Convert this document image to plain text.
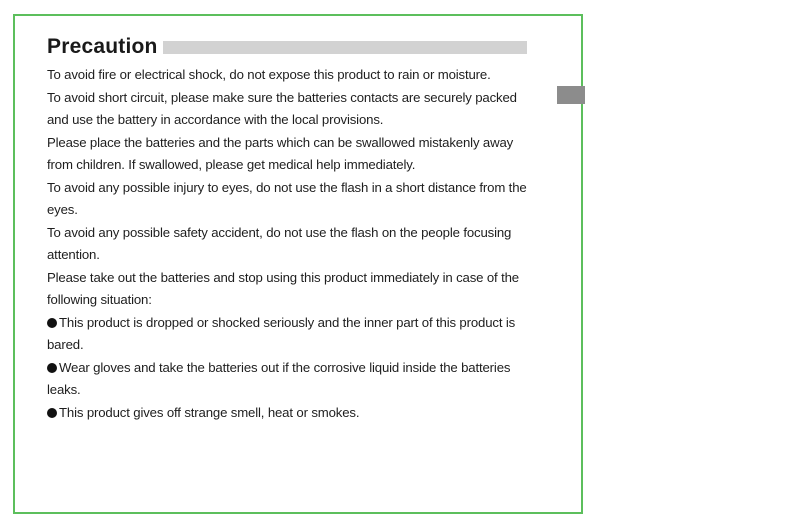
Precaution

To avoid fire or electrical shock, do not expose this product to rain or moisture.

To avoid short circuit, please make sure the batteries contacts are securely packed and use the battery in accordance with the local provisions.

Please place the batteries and the parts which can be swallowed mistakenly away from children. If swallowed, please get medical help immediately.

To avoid any possible injury to eyes, do not use the flash in a short distance from the eyes.

To avoid any possible safety accident, do not use the flash on the people focusing attention.

Please take out the batteries and stop using this product immediately in case of the following situation:

This product is dropped or shocked seriously and the inner part of this product is bared.

Wear gloves and take the batteries out if the corrosive liquid inside the batteries leaks.

This product gives off strange smell, heat or smokes.
